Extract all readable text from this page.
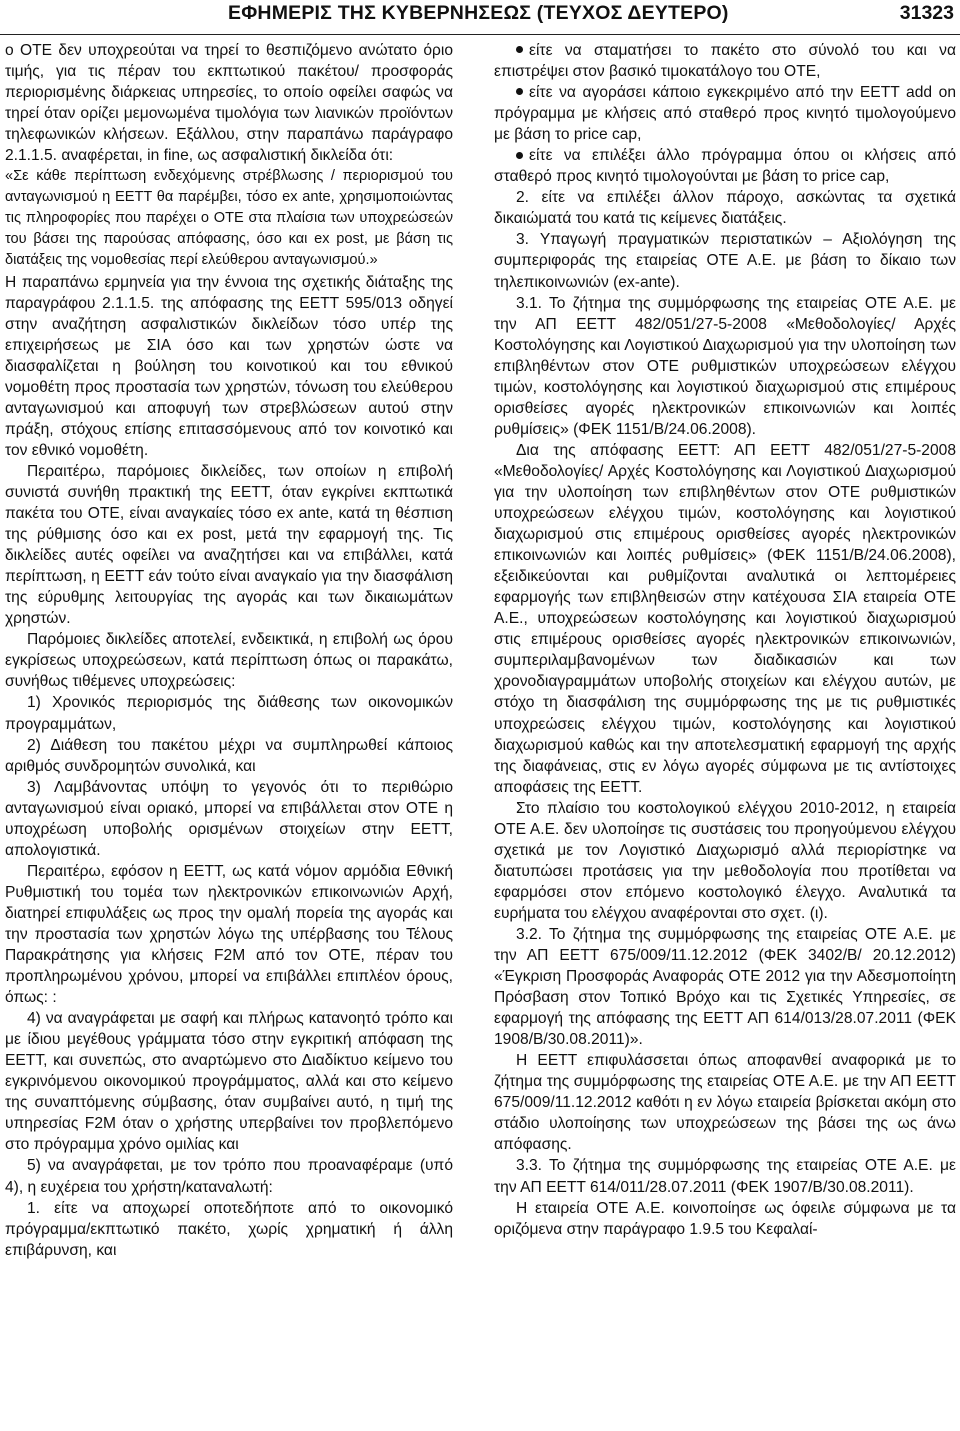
ΕΦΗΜΕΡΙΣ ΤΗΣ ΚΥΒΕΡΝΗΣΕΩΣ (ΤΕΥΧΟΣ ΔΕΥΤΕΡΟ)	31323

ο ΟΤΕ δεν υποχρεούται να τηρεί το θεσπιζόμενο ανώτατο όριο τιμής, για τις πέραν του εκπτωτικού πακέτου/ προσφοράς περιορισμένης διάρκειας υπηρεσίες, το οποίο οφείλει σαφώς να τηρεί όταν ορίζει μεμονωμένα τιμολόγια των λιανικών προϊόντων τηλεφωνικών κλήσεων. Εξάλλου, στην παραπάνω παράγραφο 2.1.1.5. αναφέρεται, in fine, ως ασφαλιστική δικλείδα ότι:

«Σε κάθε περίπτωση ενδεχόμενης στρέβλωσης / περιορισμού του ανταγωνισμού η ΕΕΤΤ θα παρέμβει, τόσο ex ante, χρησιμοποιώντας τις πληροφορίες που παρέχει ο ΟΤΕ στα πλαίσια των υποχρεώσεών του βάσει της παρούσας απόφασης, όσο και ex post, με βάση τις διατάξεις της νομοθεσίας περί ελεύθερου ανταγωνισμού.»

Η παραπάνω ερμηνεία για την έννοια της σχετικής διάταξης της παραγράφου 2.1.1.5. της απόφασης της ΕΕΤΤ 595/013 οδηγεί στην αναζήτηση ασφαλιστικών δικλείδων τόσο υπέρ της επιχειρήσεως με ΣΙΑ όσο και των χρηστών ώστε να διασφαλίζεται η βούληση του κοινοτικού και του εθνικού νομοθέτη προς προστασία των χρηστών, τόνωση του ελεύθερου ανταγωνισμού και αποφυγή των στρεβλώσεων αυτού στην πράξη, στόχους επίσης επιτασσόμενους από τον κοινοτικό και τον εθνικό νομοθέτη.

Περαιτέρω, παρόμοιες δικλείδες, των οποίων η επιβολή συνιστά συνήθη πρακτική της ΕΕΤΤ, όταν εγκρίνει εκπτωτικά πακέτα του ΟΤΕ, είναι αναγκαίες τόσο ex ante, κατά τη θέσπιση της ρύθμισης όσο και ex post, μετά την εφαρμογή της. Τις δικλείδες αυτές οφείλει να αναζητήσει και να επιβάλλει, κατά περίπτωση, η ΕΕΤΤ εάν τούτο είναι αναγκαίο για την διασφάλιση της εύρυθμης λειτουργίας της αγοράς και των δικαιωμάτων χρηστών.

Παρόμοιες δικλείδες αποτελεί, ενδεικτικά, η επιβολή ως όρου εγκρίσεως υποχρεώσεων, κατά περίπτωση όπως οι παρακάτω, συνήθως τιθέμενες υποχρεώσεις:

1) Χρονικός περιορισμός της διάθεσης των οικονομικών προγραμμάτων,

2) Διάθεση του πακέτου μέχρι να συμπληρωθεί κάποιος αριθμός συνδρομητών συνολικά, και

3) Λαμβάνοντας υπόψη το γεγονός ότι το περιθώριο ανταγωνισμού είναι οριακό, μπορεί να επιβάλλεται στον ΟΤΕ η υποχρέωση υποβολής ορισμένων στοιχείων στην ΕΕΤΤ, απολογιστικά.

Περαιτέρω, εφόσον η ΕΕΤΤ, ως κατά νόμον αρμόδια Εθνική Ρυθμιστική του τομέα των ηλεκτρονικών επικοινωνιών Αρχή, διατηρεί επιφυλάξεις ως προς την ομαλή πορεία της αγοράς και την προστασία των χρηστών λόγω της υπέρβασης του Τέλους Παρακράτησης για κλήσεις F2M από τον ΟΤΕ, πέραν του προπληρωμένου χρόνου, μπορεί να επιβάλλει επιπλέον όρους, όπως: :

4) να αναγράφεται με σαφή και πλήρως κατανοητό τρόπο και με ίδιου μεγέθους γράμματα τόσο στην εγκριτική απόφαση της ΕΕΤΤ, και συνεπώς, στο αναρτώμενο στο Διαδίκτυο κείμενο του εγκρινόμενου οικονομικού προγράμματος, αλλά και στο κείμενο της συναπτόμενης σύμβασης, όταν συμβαίνει αυτό, η τιμή της υπηρεσίας F2M όταν ο χρήστης υπερβαίνει τον προβλεπόμενο στο πρόγραμμα χρόνο ομιλίας και

5) να αναγράφεται, με τον τρόπο που προαναφέραμε (υπό 4), η ευχέρεια του χρήστη/καταναλωτή:

1. είτε να αποχωρεί οποτεδήποτε από το οικονομικό πρόγραμμα/εκπτωτικό πακέτο, χωρίς χρηματική ή άλλη επιβάρυνση, και

είτε να σταματήσει το πακέτο στο σύνολό του και να επιστρέψει στον βασικό τιμοκατάλογο του ΟΤΕ,

είτε να αγοράσει κάποιο εγκεκριμένο από την ΕΕΤΤ add on πρόγραμμα με κλήσεις από σταθερό προς κινητό τιμολογούμενο με βάση το price cap,

είτε να επιλέξει άλλο πρόγραμμα όπου οι κλήσεις από σταθερό προς κινητό τιμολογούνται με βάση το price cap,

2. είτε να επιλέξει άλλον πάροχο, ασκώντας τα σχετικά δικαιώματά του κατά τις κείμενες διατάξεις.

3. Υπαγωγή πραγματικών περιστατικών – Αξιολόγηση της συμπεριφοράς της εταιρείας ΟΤΕ Α.Ε. με βάση το δίκαιο των τηλεπικοινωνιών (ex-ante).

3.1. Το ζήτημα της συμμόρφωσης της εταιρείας ΟΤΕ Α.Ε. με την ΑΠ ΕΕΤΤ 482/051/27-5-2008 «Μεθοδολογίες/ Αρχές Κοστολόγησης και Λογιστικού Διαχωρισμού για την υλοποίηση των επιβληθέντων στον ΟΤΕ ρυθμιστικών υποχρεώσεων ελέγχου τιμών, κοστολόγησης και λογιστικού διαχωρισμού στις επιμέρους ορισθείσες αγορές ηλεκτρονικών επικοινωνιών και λοιπές ρυθμίσεις» (ΦΕΚ 1151/Β/24.06.2008).

Δια της απόφασης ΕΕΤΤ: ΑΠ ΕΕΤΤ 482/051/27-5-2008 «Μεθοδολογίες/ Αρχές Κοστολόγησης και Λογιστικού Διαχωρισμού για την υλοποίηση των επιβληθέντων στον ΟΤΕ ρυθμιστικών υποχρεώσεων ελέγχου τιμών, κοστολόγησης και λογιστικού διαχωρισμού στις επιμέρους ορισθείσες αγορές ηλεκτρονικών επικοινωνιών και λοιπές ρυθμίσεις» (ΦΕΚ 1151/Β/24.06.2008), εξειδικεύονται και ρυθμίζονται αναλυτικά οι λεπτομέρειες εφαρμογής των επιβληθεισών στην κατέχουσα ΣΙΑ εταιρεία ΟΤΕ Α.Ε., υποχρεώσεων κοστολόγησης και λογιστικού διαχωρισμού στις επιμέρους ορισθείσες αγορές ηλεκτρονικών επικοινωνιών, συμπεριλαμβανομένων των διαδικασιών και των χρονοδιαγραμμάτων υποβολής στοιχείων και ελέγχου αυτών, με στόχο τη διασφάλιση της συμμόρφωσης της με τις ρυθμιστικές υποχρεώσεις ελέγχου τιμών, κοστολόγησης και λογιστικού διαχωρισμού καθώς και την αποτελεσματική εφαρμογή της αρχής της διαφάνειας, στις εν λόγω αγορές σύμφωνα με τις αντίστοιχες αποφάσεις της ΕΕΤΤ.

Στο πλαίσιο του κοστολογικού ελέγχου 2010-2012, η εταιρεία ΟΤΕ Α.Ε. δεν υλοποίησε τις συστάσεις του προηγούμενου ελέγχου σχετικά με τον Λογιστικό Διαχωρισμό αλλά περιορίστηκε να διατυπώσει προτάσεις για την μεθοδολογία που προτίθεται να εφαρμόσει στον επόμενο κοστολογικό έλεγχο. Αναλυτικά τα ευρήματα του ελέγχου αναφέρονται στο σχετ. (ι).

3.2. Το ζήτημα της συμμόρφωσης της εταιρείας ΟΤΕ Α.Ε. με την ΑΠ ΕΕΤΤ 675/009/11.12.2012 (ΦΕΚ 3402/Β/ 20.12.2012) «Έγκριση Προσφοράς Αναφοράς ΟΤΕ 2012 για την Αδεσμοποίητη Πρόσβαση στον Τοπικό Βρόχο και τις Σχετικές Υπηρεσίες, σε εφαρμογή της απόφασης της ΕΕΤΤ ΑΠ 614/013/28.07.2011 (ΦΕΚ 1908/Β/30.08.2011)».

Η ΕΕΤΤ επιφυλάσσεται όπως αποφανθεί αναφορικά με το ζήτημα της συμμόρφωσης της εταιρείας ΟΤΕ Α.Ε. με την ΑΠ ΕΕΤΤ 675/009/11.12.2012 καθότι η εν λόγω εταιρεία βρίσκεται ακόμη στο στάδιο υλοποίησης των υποχρεώσεων της βάσει της ως άνω απόφασης.

3.3. Το ζήτημα της συμμόρφωσης της εταιρείας ΟΤΕ Α.Ε. με την ΑΠ ΕΕΤΤ 614/011/28.07.2011 (ΦΕΚ 1907/Β/30.08.2011).

Η εταιρεία ΟΤΕ Α.Ε. κοινοποίησε ως όφειλε σύμφωνα με τα οριζόμενα στην παράγραφο 1.9.5 του Κεφαλαί-
